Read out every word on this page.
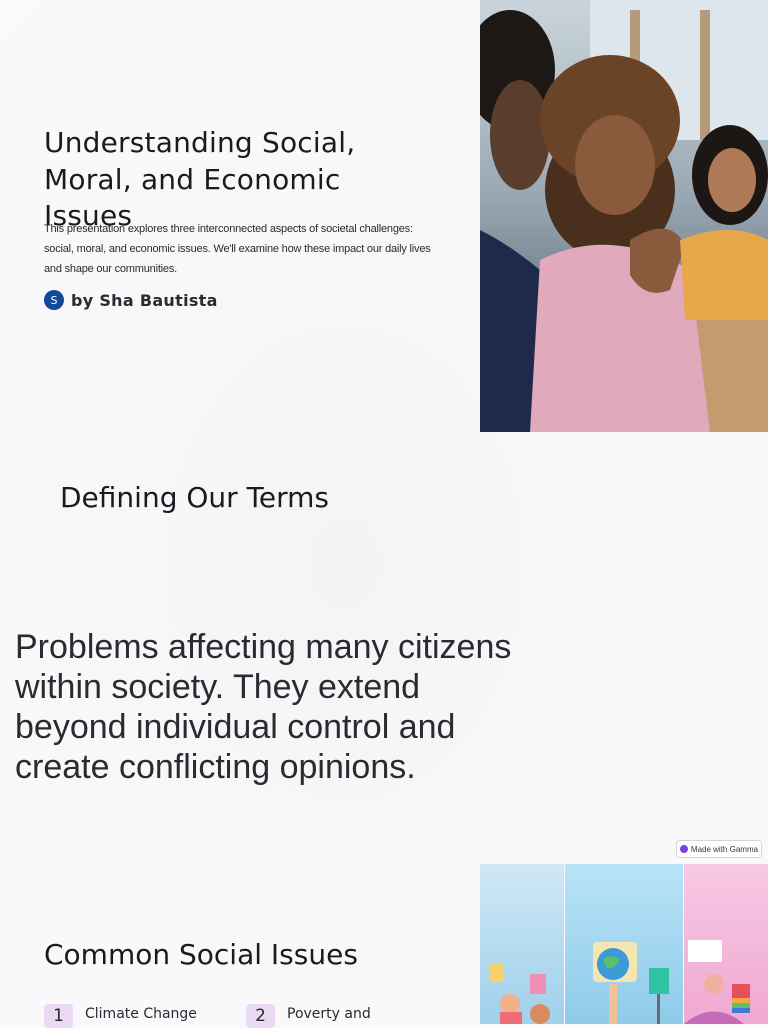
Understanding Social, Moral, and Economic Issues

This presentation explores three interconnected aspects of societal challenges: social, moral, and economic issues. We'll examine how these impact our daily lives and shape our communities.

S by Sha Bautista
Defining Our Terms

Problems affecting many citizens
within society. They extend
beyond individual control and
create conflicting opinions.

Made with Gamma
Common Social Issues
1	Climate Change	2	Poverty and
